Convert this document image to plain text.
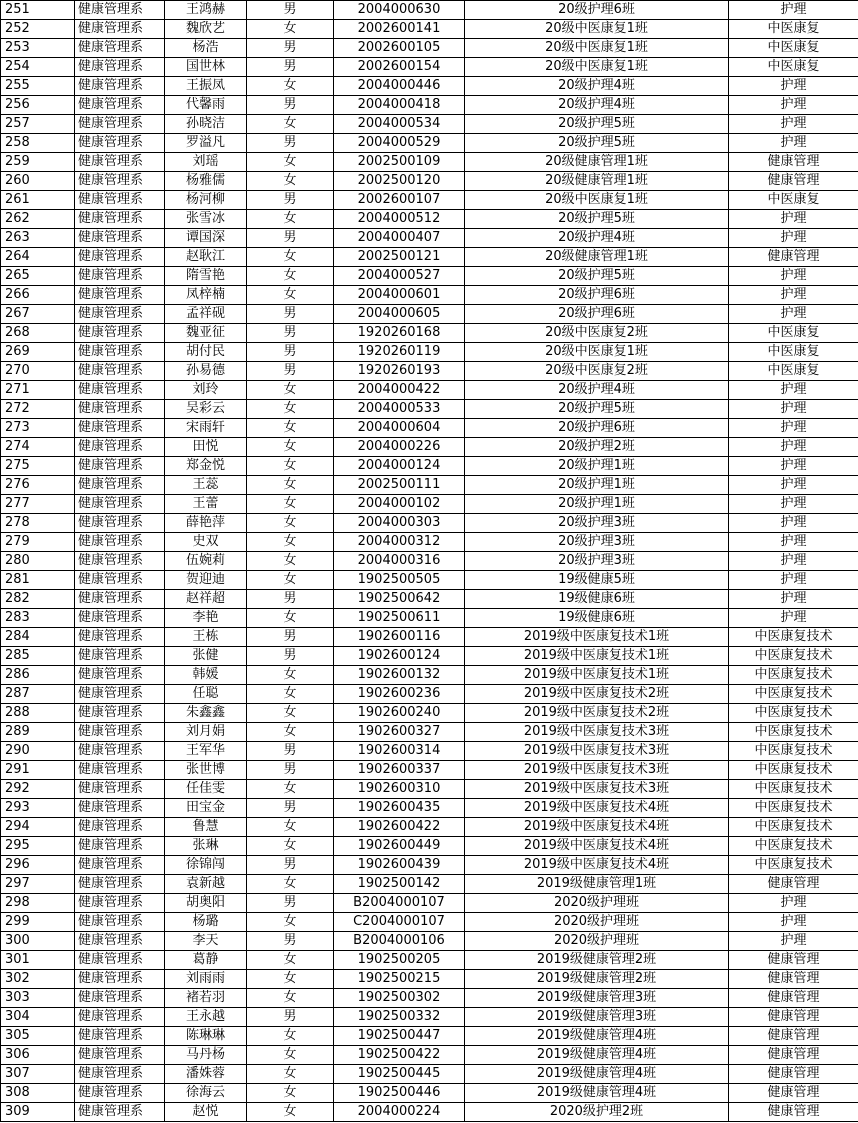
251	健康管理系	王鸿赫	男	2004000630	20级护理6班	护理
252	健康管理系	魏欣艺	女	2002600141	20级中医康复1班	中医康复
253	健康管理系	杨浩	男	2002600105	20级中医康复1班	中医康复
254	健康管理系	国世林	男	2002600154	20级中医康复1班	中医康复
255	健康管理系	王振凤	女	2004000446	20级护理4班	护理
256	健康管理系	代馨雨	男	2004000418	20级护理4班	护理
257	健康管理系	孙晓洁	女	2004000534	20级护理5班	护理
258	健康管理系	罗溢凡	男	2004000529	20级护理5班	护理
259	健康管理系	刘瑶	女	2002500109	20级健康管理1班	健康管理
260	健康管理系	杨雅儒	女	2002500120	20级健康管理1班	健康管理
261	健康管理系	杨河柳	男	2002600107	20级中医康复1班	中医康复
262	健康管理系	张雪冰	女	2004000512	20级护理5班	护理
263	健康管理系	谭国深	男	2004000407	20级护理4班	护理
264	健康管理系	赵耿江	女	2002500121	20级健康管理1班	健康管理
265	健康管理系	隋雪艳	女	2004000527	20级护理5班	护理
266	健康管理系	凤梓楠	女	2004000601	20级护理6班	护理
267	健康管理系	孟祥砚	男	2004000605	20级护理6班	护理
268	健康管理系	魏亚征	男	1920260168	20级中医康复2班	中医康复
269	健康管理系	胡付民	男	1920260119	20级中医康复1班	中医康复
270	健康管理系	孙易德	男	1920260193	20级中医康复2班	中医康复
271	健康管理系	刘玲	女	2004000422	20级护理4班	护理
272	健康管理系	吴彩云	女	2004000533	20级护理5班	护理
273	健康管理系	宋雨轩	女	2004000604	20级护理6班	护理
274	健康管理系	田悦	女	2004000226	20级护理2班	护理
275	健康管理系	郑金悦	女	2004000124	20级护理1班	护理
276	健康管理系	王蕊	女	2002500111	20级护理1班	护理
277	健康管理系	王蕾	女	2004000102	20级护理1班	护理
278	健康管理系	薛艳萍	女	2004000303	20级护理3班	护理
279	健康管理系	史双	女	2004000312	20级护理3班	护理
280	健康管理系	伍婉莉	女	2004000316	20级护理3班	护理
281	健康管理系	贺迎迪	女	1902500505	19级健康5班	护理
282	健康管理系	赵祥超	男	1902500642	19级健康6班	护理
283	健康管理系	李艳	女	1902500611	19级健康6班	护理
284	健康管理系	王栋	男	1902600116	2019级中医康复技术1班	中医康复技术
285	健康管理系	张健	男	1902600124	2019级中医康复技术1班	中医康复技术
286	健康管理系	韩媛	女	1902600132	2019级中医康复技术1班	中医康复技术
287	健康管理系	任聪	女	1902600236	2019级中医康复技术2班	中医康复技术
288	健康管理系	朱鑫鑫	女	1902600240	2019级中医康复技术2班	中医康复技术
289	健康管理系	刘月娟	女	1902600327	2019级中医康复技术3班	中医康复技术
290	健康管理系	王军华	男	1902600314	2019级中医康复技术3班	中医康复技术
291	健康管理系	张世博	男	1902600337	2019级中医康复技术3班	中医康复技术
292	健康管理系	任佳雯	女	1902600310	2019级中医康复技术3班	中医康复技术
293	健康管理系	田宝金	男	1902600435	2019级中医康复技术4班	中医康复技术
294	健康管理系	鲁慧	女	1902600422	2019级中医康复技术4班	中医康复技术
295	健康管理系	张琳	女	1902600449	2019级中医康复技术4班	中医康复技术
296	健康管理系	徐锦闯	男	1902600439	2019级中医康复技术4班	中医康复技术
297	健康管理系	袁新越	女	1902500142	2019级健康管理1班	健康管理
298	健康管理系	胡奥阳	男	B2004000107	2020级护理班	护理
299	健康管理系	杨璐	女	C2004000107	2020级护理班	护理
300	健康管理系	李天	男	B2004000106	2020级护理班	护理
301	健康管理系	葛静	女	1902500205	2019级健康管理2班	健康管理
302	健康管理系	刘雨雨	女	1902500215	2019级健康管理2班	健康管理
303	健康管理系	褚若羽	女	1902500302	2019级健康管理3班	健康管理
304	健康管理系	王永越	男	1902500332	2019级健康管理3班	健康管理
305	健康管理系	陈琳琳	女	1902500447	2019级健康管理4班	健康管理
306	健康管理系	马丹杨	女	1902500422	2019级健康管理4班	健康管理
307	健康管理系	潘姝蓉	女	1902500445	2019级健康管理4班	健康管理
308	健康管理系	徐海云	女	1902500446	2019级健康管理4班	健康管理
309	健康管理系	赵悦	女	2004000224	2020级护理2班	健康管理
